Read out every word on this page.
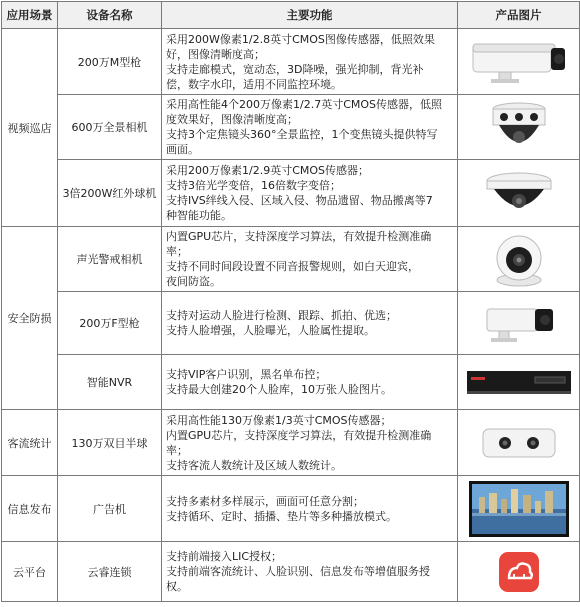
应用场景	设备名称	主要功能	产品图片
视频巡店	200万M型枪	采用200W像素1/2.8英寸CMOS图像传感器，低照效果
好，图像清晰度高；
支持走廊模式，宽动态，3D降噪，强光抑制，背光补
偿，数字水印，适用不同监控环境。

	600万全景相机	采用高性能4个200万像素1/2.7英寸CMOS传感器，低照
度效果好，图像清晰度高；
支持3个定焦镜头360°全景监控，1个变焦镜头提供特写
画面。

	3倍200W红外球机	采用200万像素1/2.9英寸CMOS传感器；
支持3倍光学变倍，16倍数字变倍；
支持IVS绊线入侵、区域入侵、物品遗留、物品搬离等7
种智能功能。

安全防损	声光警戒相机	内置GPU芯片，支持深度学习算法，有效提升检测准确
率；
支持不同时间段设置不同音报警规则，如白天迎宾，
夜间防盗。

	200万F型枪	支持对运动人脸进行检测、跟踪、抓拍、优选；
支持人脸增强，人脸曝光，人脸属性提取。

	智能NVR	支持VIP客户识别，黑名单布控；
支持最大创建20个人脸库，10万张人脸图片。

客流统计	130万双目半球	采用高性能130万像素1/3英寸CMOS传感器；
内置GPU芯片，支持深度学习算法，有效提升检测准确
率；
支持客流人数统计及区域人数统计。

信息发布	广告机	支持多素材多样展示，画面可任意分割；
支持循环、定时、插播、垫片等多种播放模式。

云平台	云睿连锁	支持前端接入LIC授权；
支持前端客流统计、人脸识别、信息发布等增值服务授
权。
